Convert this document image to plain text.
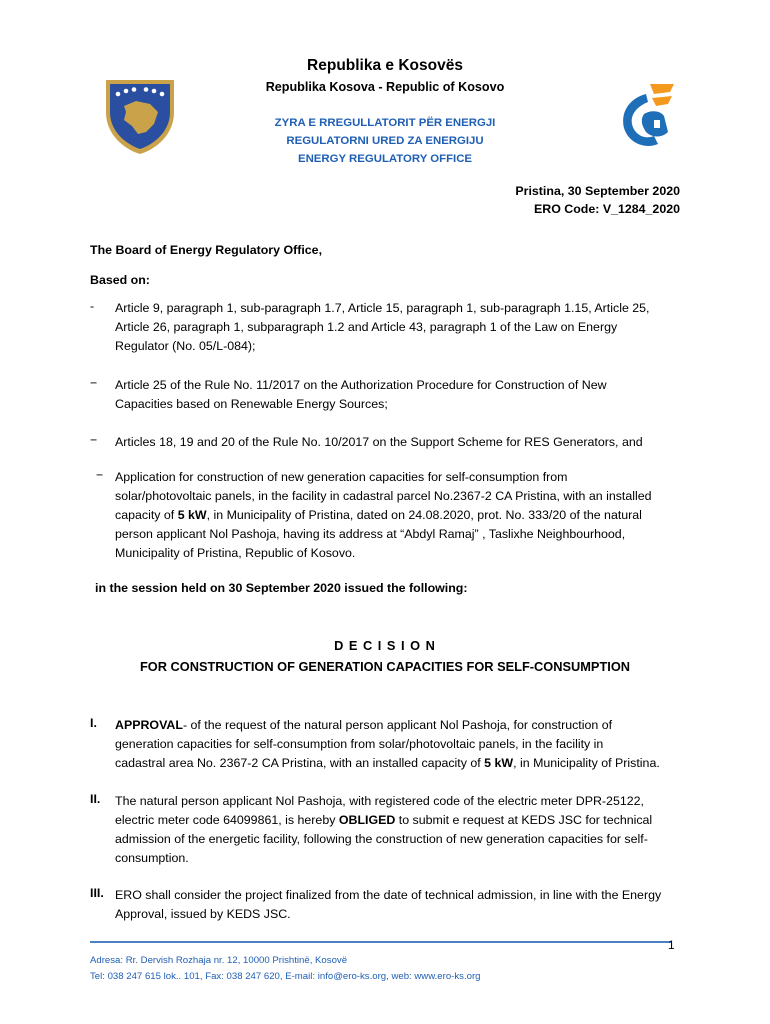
Republika e Kosovës
Republika Kosova - Republic of Kosovo
ZYRA E RREGULLATORIT PËR ENERGJI
REGULATORNI URED ZA ENERGIJU
ENERGY REGULATORY OFFICE
Pristina, 30 September 2020
ERO Code: V_1284_2020
The Board of Energy Regulatory Office,
Based on:
-	Article 9, paragraph 1, sub-paragraph 1.7, Article 15, paragraph 1, sub-paragraph 1.15, Article 25,
Article 26, paragraph 1, subparagraph 1.2 and Article 43, paragraph 1 of the Law on Energy
Regulator (No. 05/L-084);
−	Article 25 of the Rule No. 11/2017 on the Authorization Procedure for Construction of New
Capacities based on Renewable Energy Sources;
−	Articles 18, 19 and 20 of the Rule No. 10/2017 on the Support Scheme for RES Generators, and
− Application for construction of new generation capacities for self-consumption from
solar/photovoltaic panels, in the facility in cadastral parcel No.2367-2 CA Pristina, with an installed
capacity of 5 kW, in Municipality of Pristina, dated on 24.08.2020, prot. No. 333/20 of the natural
person applicant Nol Pashoja, having its address at “Abdyl Ramaj” , Taslixhe Neighbourhood,
Municipality of Pristina, Republic of Kosovo.
in the session held on 30 September 2020 issued the following:
D E C I S I O N
FOR CONSTRUCTION OF GENERATION CAPACITIES FOR SELF-CONSUMPTION
I. APPROVAL- of the request of the natural person applicant Nol Pashoja, for construction of
generation capacities for self-consumption from solar/photovoltaic panels, in the facility in
cadastral area No. 2367-2 CA Pristina, with an installed capacity of 5 kW, in Municipality of Pristina.
II. The natural person applicant Nol Pashoja, with registered code of the electric meter DPR-25122,
electric meter code 64099861, is hereby OBLIGED to submit e request at KEDS JSC for technical
admission of the energetic facility, following the construction of new generation capacities for self-
consumption.
III. ERO shall consider the project finalized from the date of technical admission, in line with the Energy
Approval, issued by KEDS JSC.
1
Adresa: Rr. Dervish Rozhaja nr. 12, 10000 Prishtinë, Kosovë
Tel: 038 247 615 lok.. 101, Fax: 038 247 620, E-mail: info@ero-ks.org, web: www.ero-ks.org
